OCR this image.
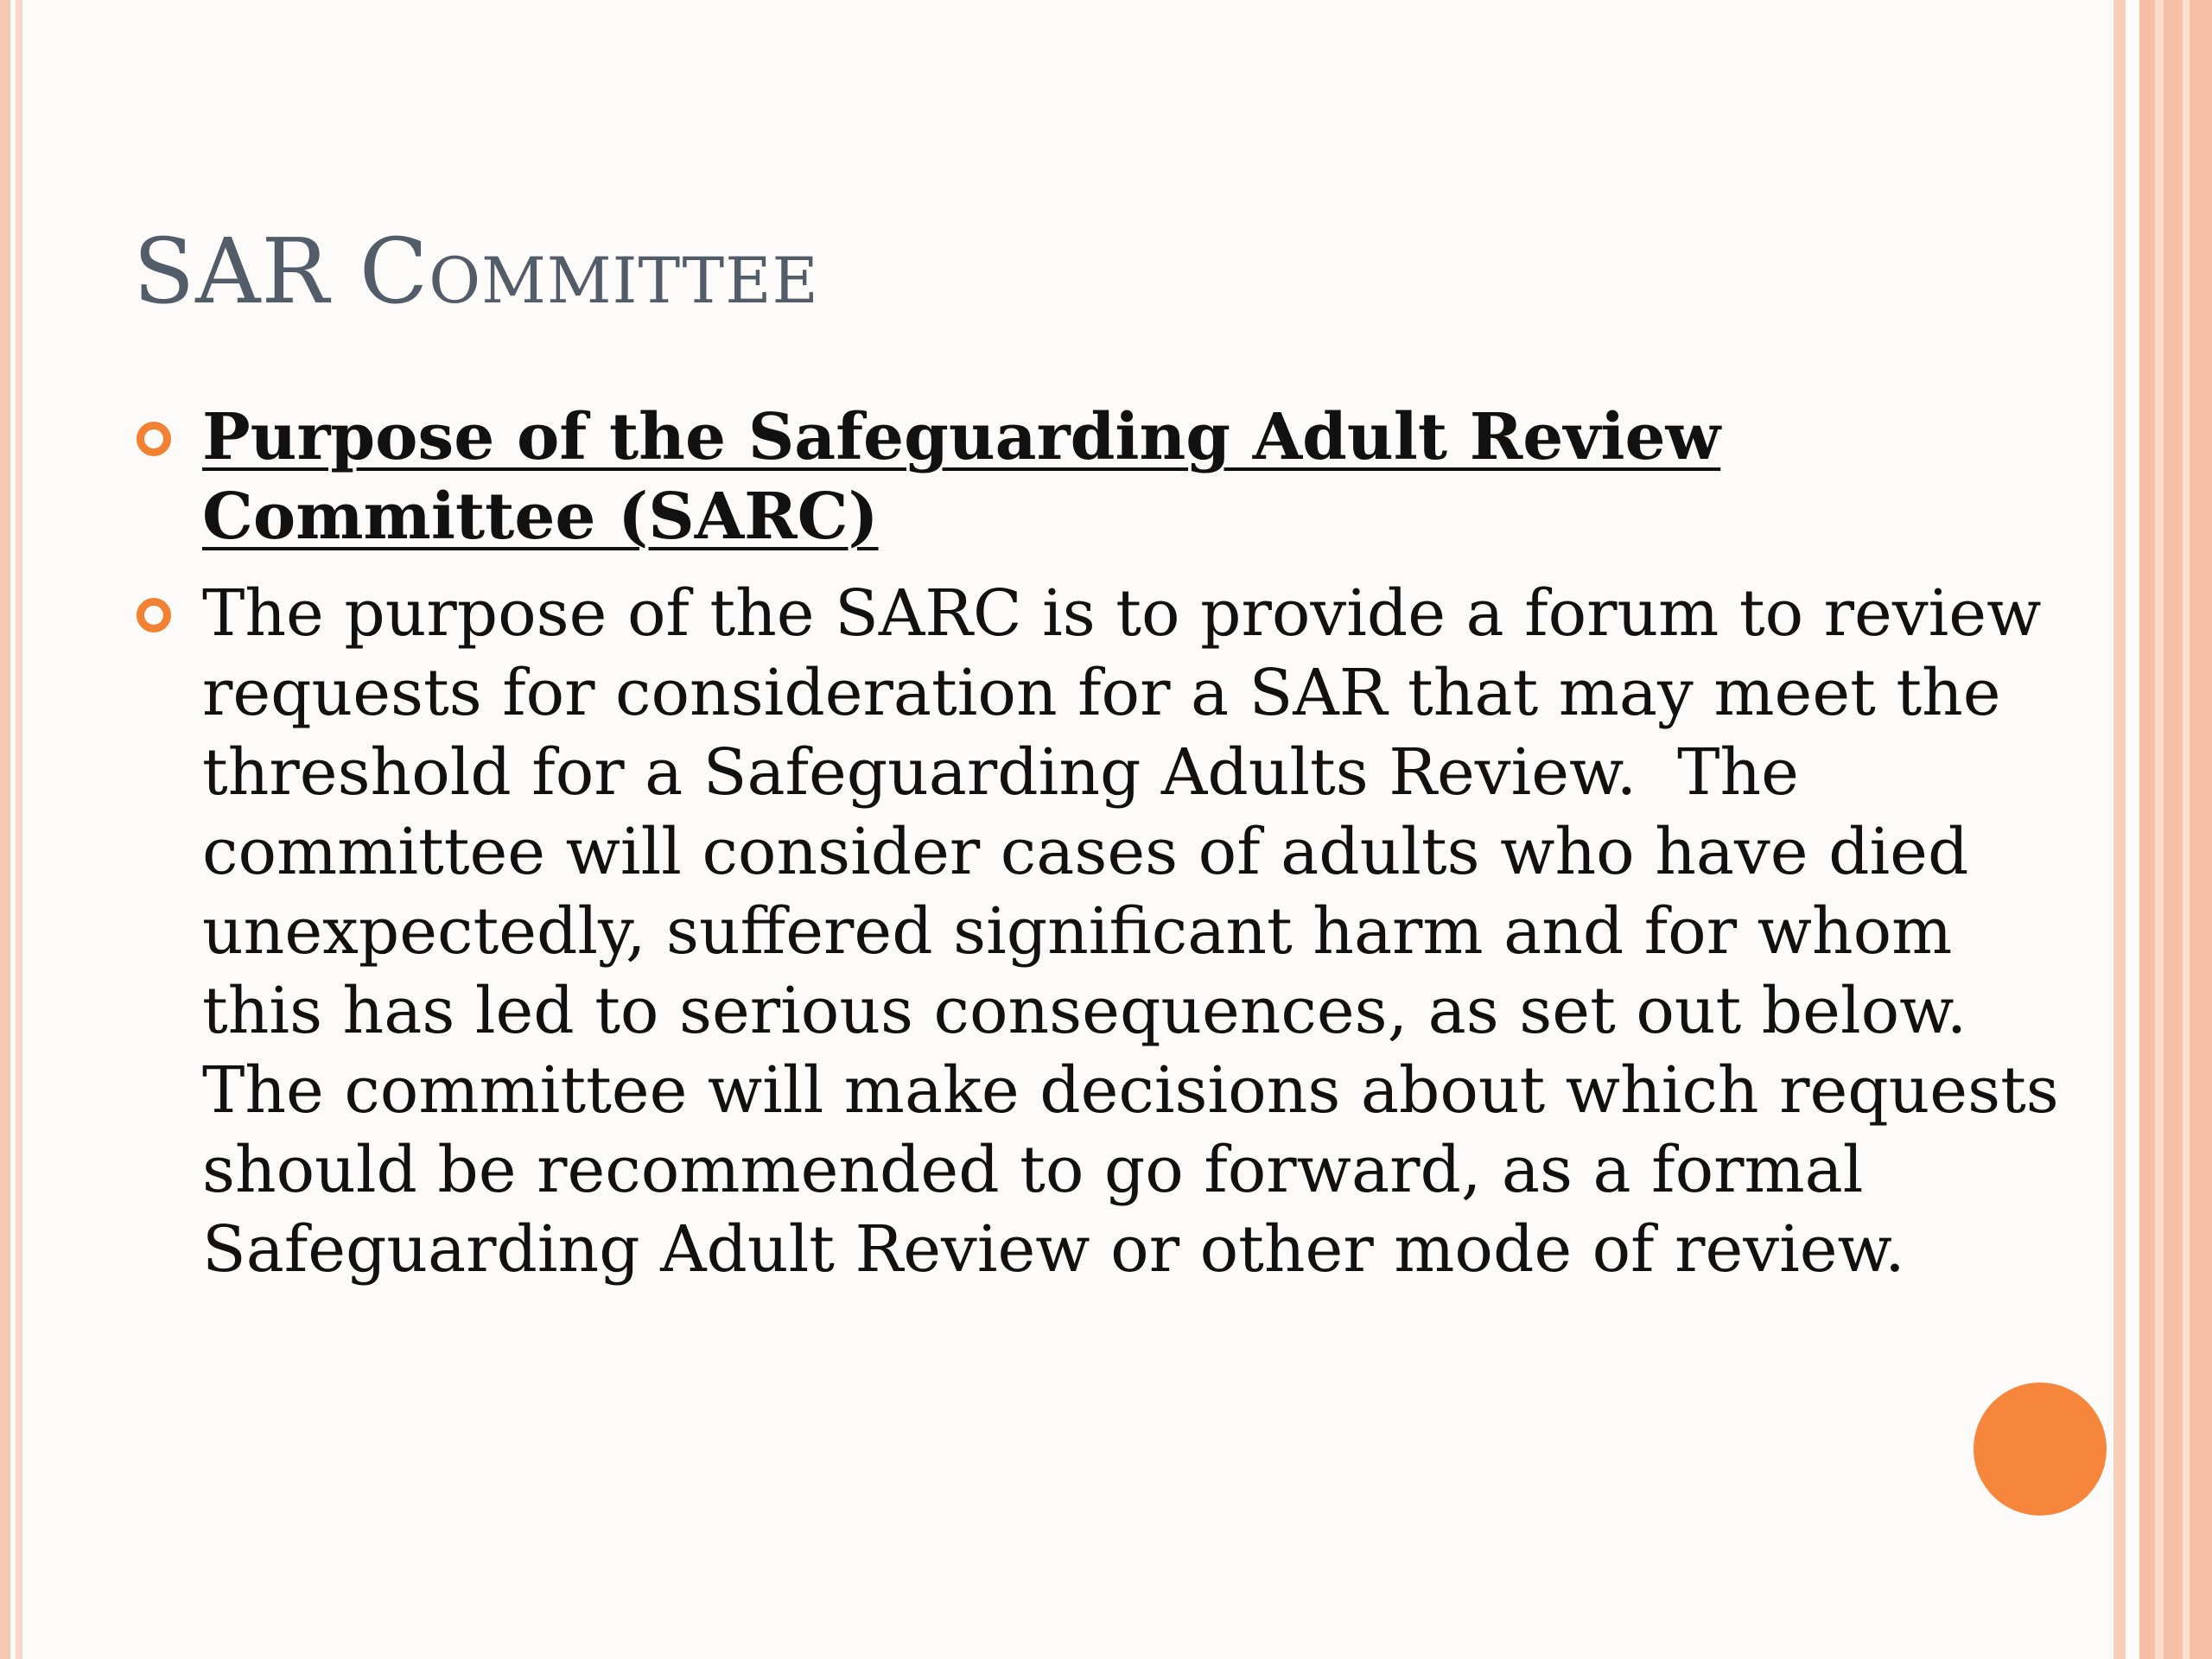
SAR Committee
Purpose of the Safeguarding Adult Review Committee (SARC)
The purpose of the SARC is to provide a forum to review requests for consideration for a SAR that may meet the threshold for a Safeguarding Adults Review.  The committee will consider cases of adults who have died unexpectedly, suffered significant harm and for whom this has led to serious consequences, as set out below.  The committee will make decisions about which requests should be recommended to go forward, as a formal Safeguarding Adult Review or other mode of review.
